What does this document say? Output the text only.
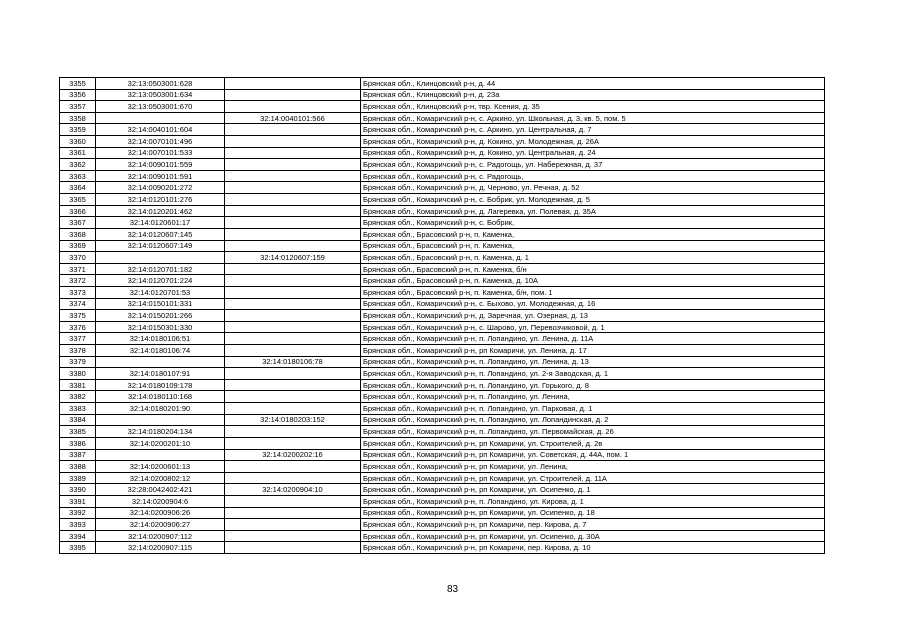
3355	32:13:0503001:628		Брянская обл., Клинцовский р-н, д. 44
3356	32:13:0503001:634		Брянская обл., Клинцовский р-н, д. 23а
3357	32:13:0503001:670		Брянская обл., Клинцовский р-н, твр. Ксения, д. 35
3358		32:14:0040101:566	Брянская обл., Комаричский р-н, с. Аркино, ул. Школьная, д. 3, кв. 5, пом. 5
3359	32:14:0040101:604		Брянская обл., Комаричский р-н, с. Аркино, ул. Центральная, д. 7
3360	32:14:0070101:496		Брянская обл., Комаричский р-н, д. Кокино, ул. Молодежная, д. 26А
3361	32:14:0070101:533		Брянская обл., Комаричский р-н, д. Кокино, ул. Центральная, д. 24
3362	32:14:0090101:559		Брянская обл., Комаричский р-н, с. Радогощь, ул. Набережная, д. 37
3363	32:14:0090101:591		Брянская обл., Комаричский р-н, с. Радогощь,
3364	32:14:0090201:272		Брянская обл., Комаричский р-н, д. Черново, ул. Речная, д. 52
3365	32:14:0120101:276		Брянская обл., Комаричский р-н, с. Бобрик, ул. Молодежная, д. 5
3366	32:14:0120201:462		Брянская обл., Комаричский р-н, д. Лагеревка, ул. Полевая, д. 35А
3367	32:14:0120601:17		Брянская обл., Комаричский р-н, с. Бобрик,
3368	32:14:0120607:145		Брянская обл., Брасовский р-н, п. Каменка,
3369	32:14:0120607:149		Брянская обл., Брасовский р-н, п. Каменка,
3370		32:14:0120607:159	Брянская обл., Брасовский р-н, п. Каменка, д. 1
3371	32:14:0120701:182		Брянская обл., Брасовский р-н, п. Каменка, б/н
3372	32:14:0120701:224		Брянская обл., Брасовский р-н, п. Каменка, д. 10А
3373	32:14:0120701:53		Брянская обл., Брасовский р-н, п. Каменка, б/н, пом. 1
3374	32:14:0150101:331		Брянская обл., Комаричский р-н, с. Быхово, ул. Молодежная, д. 16
3375	32:14:0150201:266		Брянская обл., Комаричский р-н, д. Заречная, ул. Озерная, д. 13
3376	32:14:0150301:330		Брянская обл., Комаричский р-н, с. Шарово, ул. Перевозчиковой, д. 1
3377	32:14:0180106:51		Брянская обл., Комаричский р-н, п. Лопандино, ул. Ленина, д. 11А
3378	32:14:0180106:74		Брянская обл., Комаричский р-н, рп Комаричи, ул. Ленина, д. 17
3379		32:14:0180106:78	Брянская обл., Комаричский р-н, п. Лопандино, ул. Ленина, д. 13
3380	32:14:0180107:91		Брянская обл., Комаричский р-н, п. Лопандино, ул. 2-я Заводская, д. 1
3381	32:14:0180109:178		Брянская обл., Комаричский р-н, п. Лопандино, ул. Горького, д. 8
3382	32:14:0180110:168		Брянская обл., Комаричский р-н, п. Лопандино, ул. Ленина,
3383	32:14:0180201:90		Брянская обл., Комаричский р-н, п. Лопандино, ул. Парковая, д. 1
3384		32:14:0180203:152	Брянская обл., Комаричский р-н, п. Лопандино, ул. Лопандинская, д. 2
3385	32:14:0180204:134		Брянская обл., Комаричский р-н, п. Лопандино, ул. Первомайская, д. 26
3386	32:14:0200201:10		Брянская обл., Комаричский р-н, рп Комаричи, ул. Строителей, д. 2в
3387		32:14:0200202:16	Брянская обл., Комаричский р-н, рп Комаричи, ул. Советская, д. 44А, пом. 1
3388	32:14:0200601:13		Брянская обл., Комаричский р-н, рп Комаричи, ул. Ленина,
3389	32:14:0200802:12		Брянская обл., Комаричский р-н, рп Комаричи, ул. Строителей, д. 11А
3390	32:28:0042402:421	32:14:0200904:10	Брянская обл., Комаричский р-н, рп Комаричи, ул. Осипенко, д. 1
3391	32:14:0200904:6		Брянская обл., Комаричский р-н, п. Лопандино, ул. Кирова, д. 1
3392	32:14:0200906:26		Брянская обл., Комаричский р-н, рп Комаричи, ул. Осипенко, д. 18
3393	32:14:0200906:27		Брянская обл., Комаричский р-н, рп Комаричи, пер. Кирова, д. 7
3394	32:14:0200907:112		Брянская обл., Комаричский р-н, рп Комаричи, ул. Осипенко, д. 30А
3395	32:14:0200907:115		Брянская обл., Комаричский р-н, рп Комаричи, пер. Кирова, д. 10
83
